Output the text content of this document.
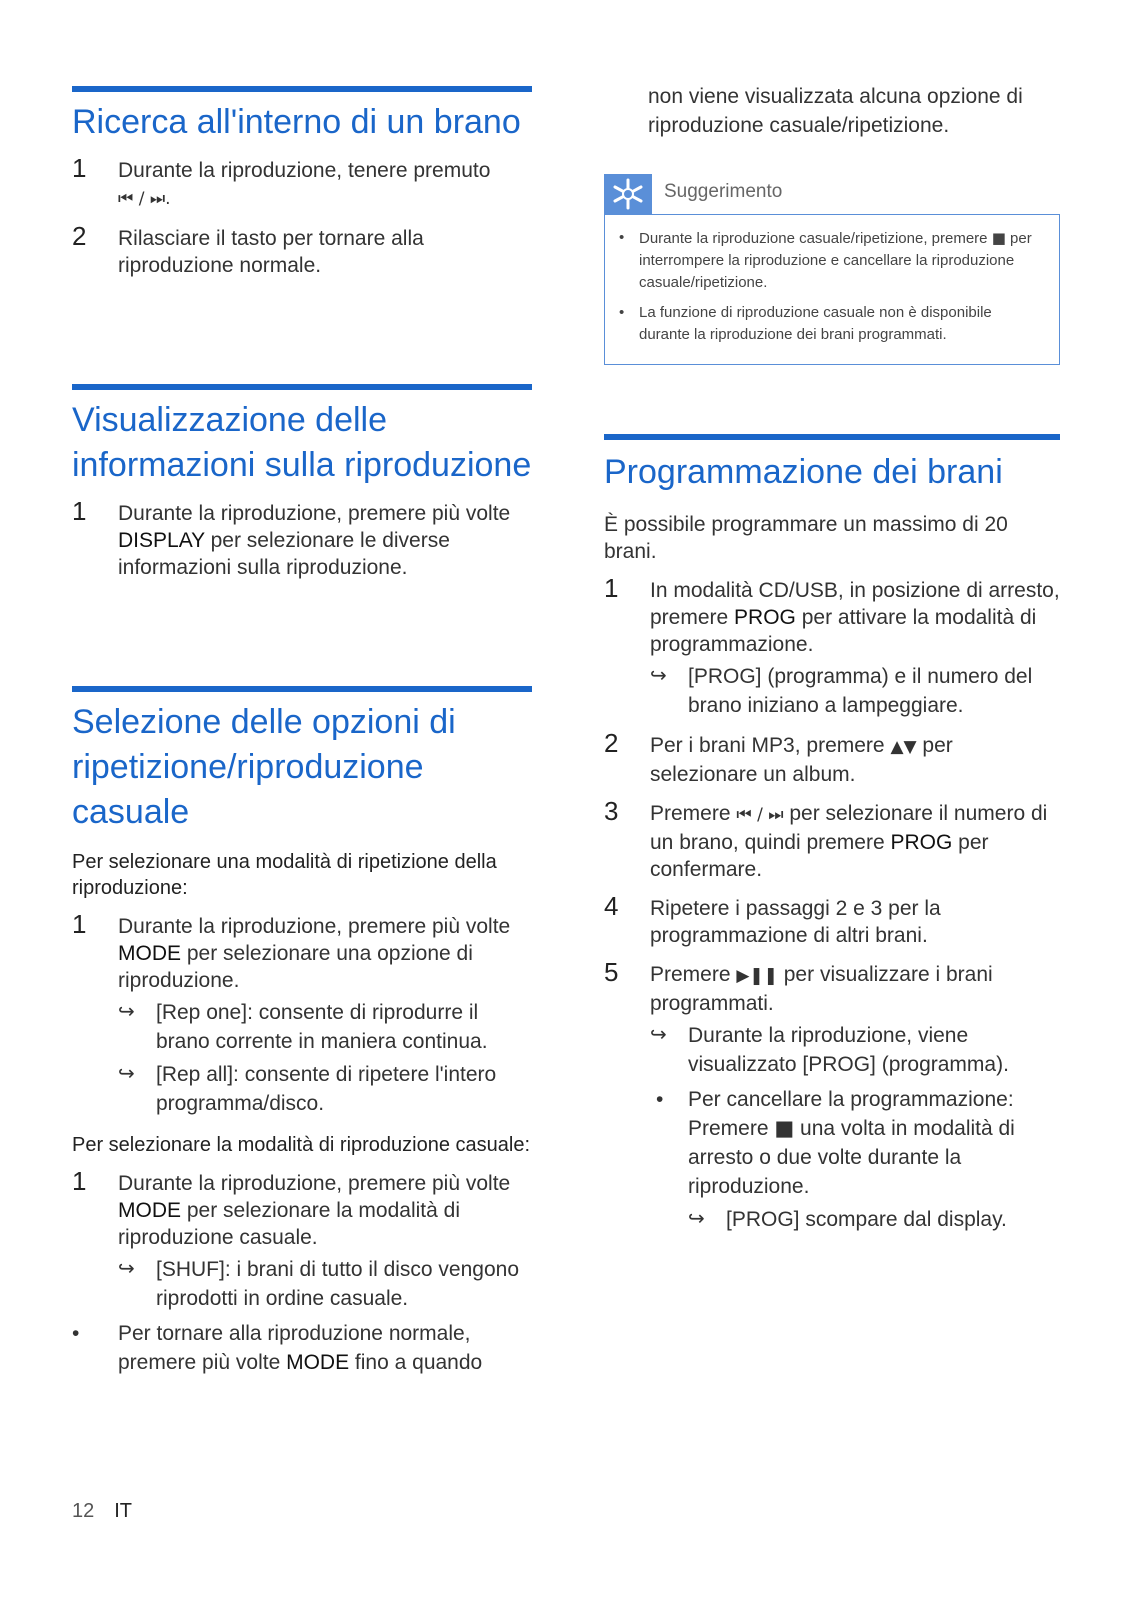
Ricerca all'interno di un brano
1 Durante la riproduzione, tenere premuto
⏮ / ⏭.
2 Rilasciare il tasto per tornare alla riproduzione normale.
Visualizzazione delle informazioni sulla riproduzione
1 Durante la riproduzione, premere più volte DISPLAY per selezionare le diverse informazioni sulla riproduzione.
Selezione delle opzioni di ripetizione/riproduzione casuale
Per selezionare una modalità di ripetizione della riproduzione:
1 Durante la riproduzione, premere più volte MODE per selezionare una opzione di riproduzione.
↪ [Rep one]: consente di riprodurre il brano corrente in maniera continua.
↪ [Rep all]: consente di ripetere l'intero programma/disco.
Per selezionare la modalità di riproduzione casuale:
1 Durante la riproduzione, premere più volte MODE per selezionare la modalità di riproduzione casuale.
↪ [SHUF]: i brani di tutto il disco vengono riprodotti in ordine casuale.
• Per tornare alla riproduzione normale, premere più volte MODE fino a quando
non viene visualizzata alcuna opzione di riproduzione casuale/ripetizione.
Suggerimento
• Durante la riproduzione casuale/ripetizione, premere ■ per interrompere la riproduzione e cancellare la riproduzione casuale/ripetizione.
• La funzione di riproduzione casuale non è disponibile durante la riproduzione dei brani programmati.
Programmazione dei brani
È possibile programmare un massimo di 20 brani.
1 In modalità CD/USB, in posizione di arresto, premere PROG per attivare la modalità di programmazione.
↪ [PROG] (programma) e il numero del brano iniziano a lampeggiare.
2 Per i brani MP3, premere ▲▼ per selezionare un album.
3 Premere ⏮ / ⏭ per selezionare il numero di un brano, quindi premere PROG per confermare.
4 Ripetere i passaggi 2 e 3 per la programmazione di altri brani.
5 Premere ▶❚❚ per visualizzare i brani programmati.
↪ Durante la riproduzione, viene visualizzato [PROG] (programma).
• Per cancellare la programmazione: Premere ■ una volta in modalità di arresto o due volte durante la riproduzione.
↪ [PROG] scompare dal display.
12 IT
